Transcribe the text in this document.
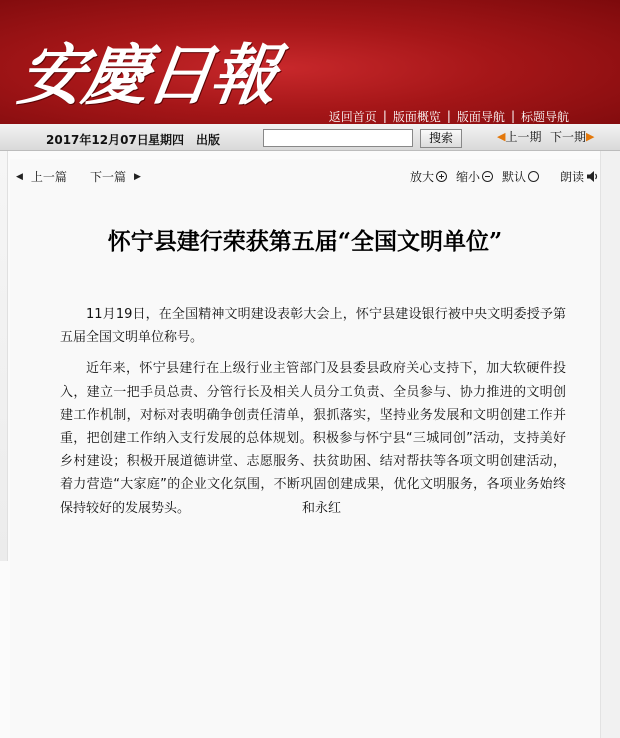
安慶日報
返回首页 | 版面概览 | 版面导航 | 标题导航
2017年12月07日 星期四 出版	搜索	◀ 上一期 下一期 ▶
◀ 上一篇 下一篇 ▶	放大 缩小 默认	朗读
怀宁县建行荣获第五届“全国文明单位”

11月19日，在全国精神文明建设表彰大会上，怀宁县建设银行被中央文明委授予第五届全国文明单位称号。

近年来，怀宁县建行在上级行业主管部门及县委县政府关心支持下，加大软硬件投入，建立一把手员总责、分管行长及相关人员分工负责、全员参与、协力推进的文明创建工作机制，对标对表明确争创责任清单，狠抓落实，坚持业务发展和文明创建工作并重，把创建工作纳入支行发展的总体规划。积极参与怀宁县“三城同创”活动，支持美好乡村建设；积极开展道德讲堂、志愿服务、扶贫助困、结对帮扶等各项文明创建活动，着力营造“大家庭”的企业文化氛围，不断巩固创建成果，优化文明服务，各项业务始终保持较好的发展势头。	和永红
